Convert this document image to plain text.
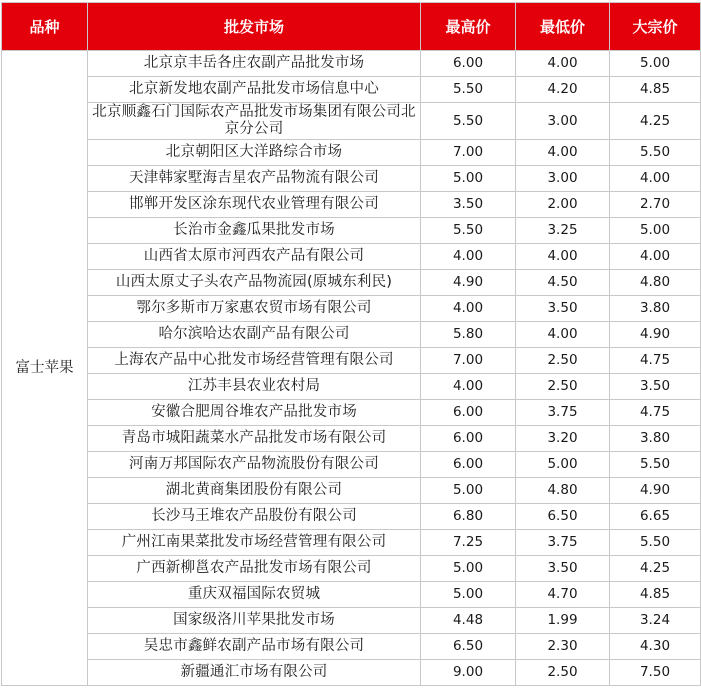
品种	批发市场	最高价	最低价	大宗价
富士苹果	北京京丰岳各庄农副产品批发市场	6.00	4.00	5.00
	北京新发地农副产品批发市场信息中心	5.50	4.20	4.85
	北京顺鑫石门国际农产品批发市场集团有限公司北京分公司	5.50	3.00	4.25
	北京朝阳区大洋路综合市场	7.00	4.00	5.50
	天津韩家墅海吉星农产品物流有限公司	5.00	3.00	4.00
	邯郸开发区涂东现代农业管理有限公司	3.50	2.00	2.70
	长治市金鑫瓜果批发市场	5.50	3.25	5.00
	山西省太原市河西农产品有限公司	4.00	4.00	4.00
	山西太原丈子头农产品物流园(原城东利民)	4.90	4.50	4.80
	鄂尔多斯市万家惠农贸市场有限公司	4.00	3.50	3.80
	哈尔滨哈达农副产品有限公司	5.80	4.00	4.90
	上海农产品中心批发市场经营管理有限公司	7.00	2.50	4.75
	江苏丰县农业农村局	4.00	2.50	3.50
	安徽合肥周谷堆农产品批发市场	6.00	3.75	4.75
	青岛市城阳蔬菜水产品批发市场有限公司	6.00	3.20	3.80
	河南万邦国际农产品物流股份有限公司	6.00	5.00	5.50
	湖北黄商集团股份有限公司	5.00	4.80	4.90
	长沙马王堆农产品股份有限公司	6.80	6.50	6.65
	广州江南果菜批发市场经营管理有限公司	7.25	3.75	5.50
	广西新柳邕农产品批发市场有限公司	5.00	3.50	4.25
	重庆双福国际农贸城	5.00	4.70	4.85
	国家级洛川苹果批发市场	4.48	1.99	3.24
	吴忠市鑫鲜农副产品市场有限公司	6.50	2.30	4.30
	新疆通汇市场有限公司	9.00	2.50	7.50
